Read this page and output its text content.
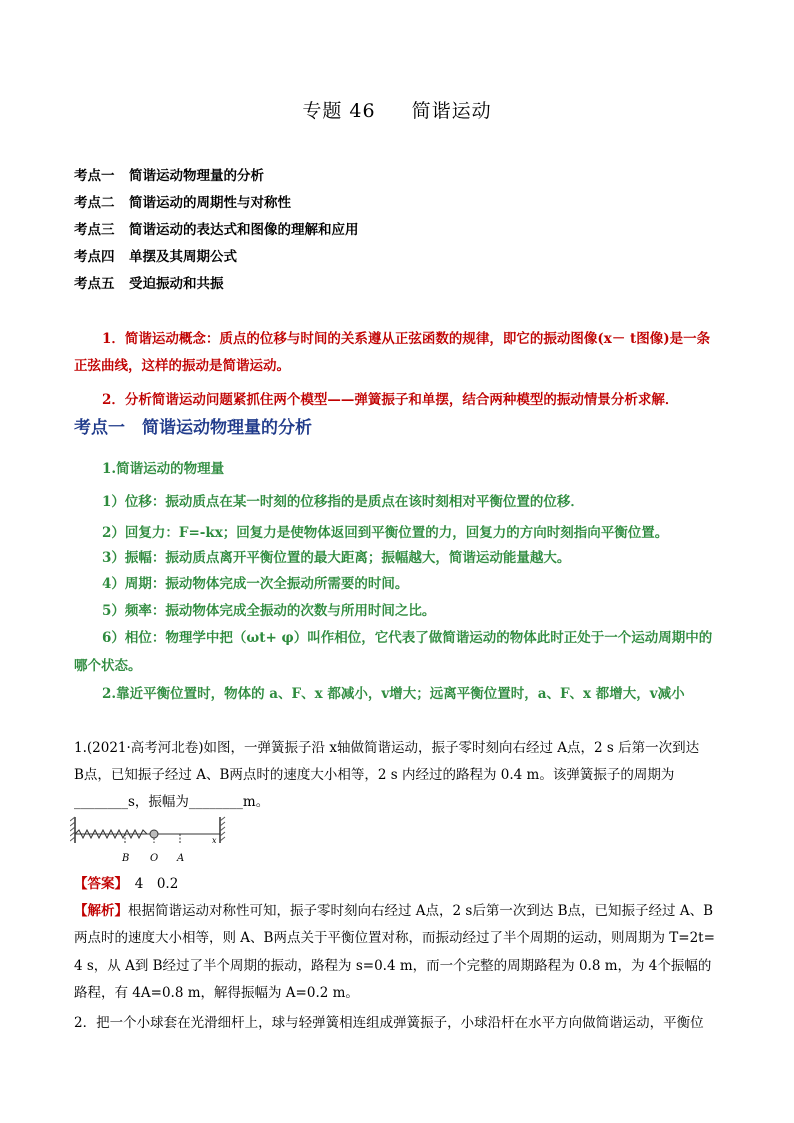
专题 46 简谐运动
考点一 简谐运动物理量的分析
考点二 简谐运动的周期性与对称性
考点三 简谐运动的表达式和图像的理解和应用
考点四 单摆及其周期公式
考点五 受迫振动和共振
1．简谐运动概念：质点的位移与时间的关系遵从正弦函数的规律，即它的振动图像(x－ t图像)是一条
正弦曲线，这样的振动是简谐运动。
2．分析简谐运动问题紧抓住两个模型——弹簧振子和单摆，结合两种模型的振动情景分析求解．
考点一　简谐运动物理量的分析
1.简谐运动的物理量
1）位移：振动质点在某一时刻的位移指的是质点在该时刻相对平衡位置的位移．
2）回复力：F=-kx；回复力是使物体返回到平衡位置的力，回复力的方向时刻指向平衡位置。
3）振幅：振动质点离开平衡位置的最大距离；振幅越大，简谐运动能量越大。
4）周期：振动物体完成一次全振动所需要的时间。
5）频率：振动物体完成全振动的次数与所用时间之比。
6）相位：物理学中把（ωt+ φ）叫作相位，它代表了做简谐运动的物体此时正处于一个运动周期中的
哪个状态。
2.靠近平衡位置时，物体的 a、F、x 都减小，v增大；远离平衡位置时，a、F、x 都增大，v减小
1.(2021·高考河北卷)如图，一弹簧振子沿 x轴做简谐运动，振子零时刻向右经过 A点，2 s 后第一次到达
B点，已知振子经过 A、B两点时的速度大小相等，2 s 内经过的路程为 0.4 m。该弹簧振子的周期为
________s，振幅为________m。
x
B O A
【答案】　 4　0.2
【解析】根据简谐运动对称性可知，振子零时刻向右经过 A点，2 s后第一次到达 B点，已知振子经过 A、B
两点时的速度大小相等，则 A、B两点关于平衡位置对称，而振动经过了半个周期的运动，则周期为 T=2t=
4 s，从 A到 B经过了半个周期的振动，路程为 s=0.4 m，而一个完整的周期路程为 0.8 m，为 4个振幅的
路程，有 4A=0.8 m，解得振幅为 A=0.2 m。
2．把一个小球套在光滑细杆上，球与轻弹簧相连组成弹簧振子，小球沿杆在水平方向做简谐运动，平衡位
